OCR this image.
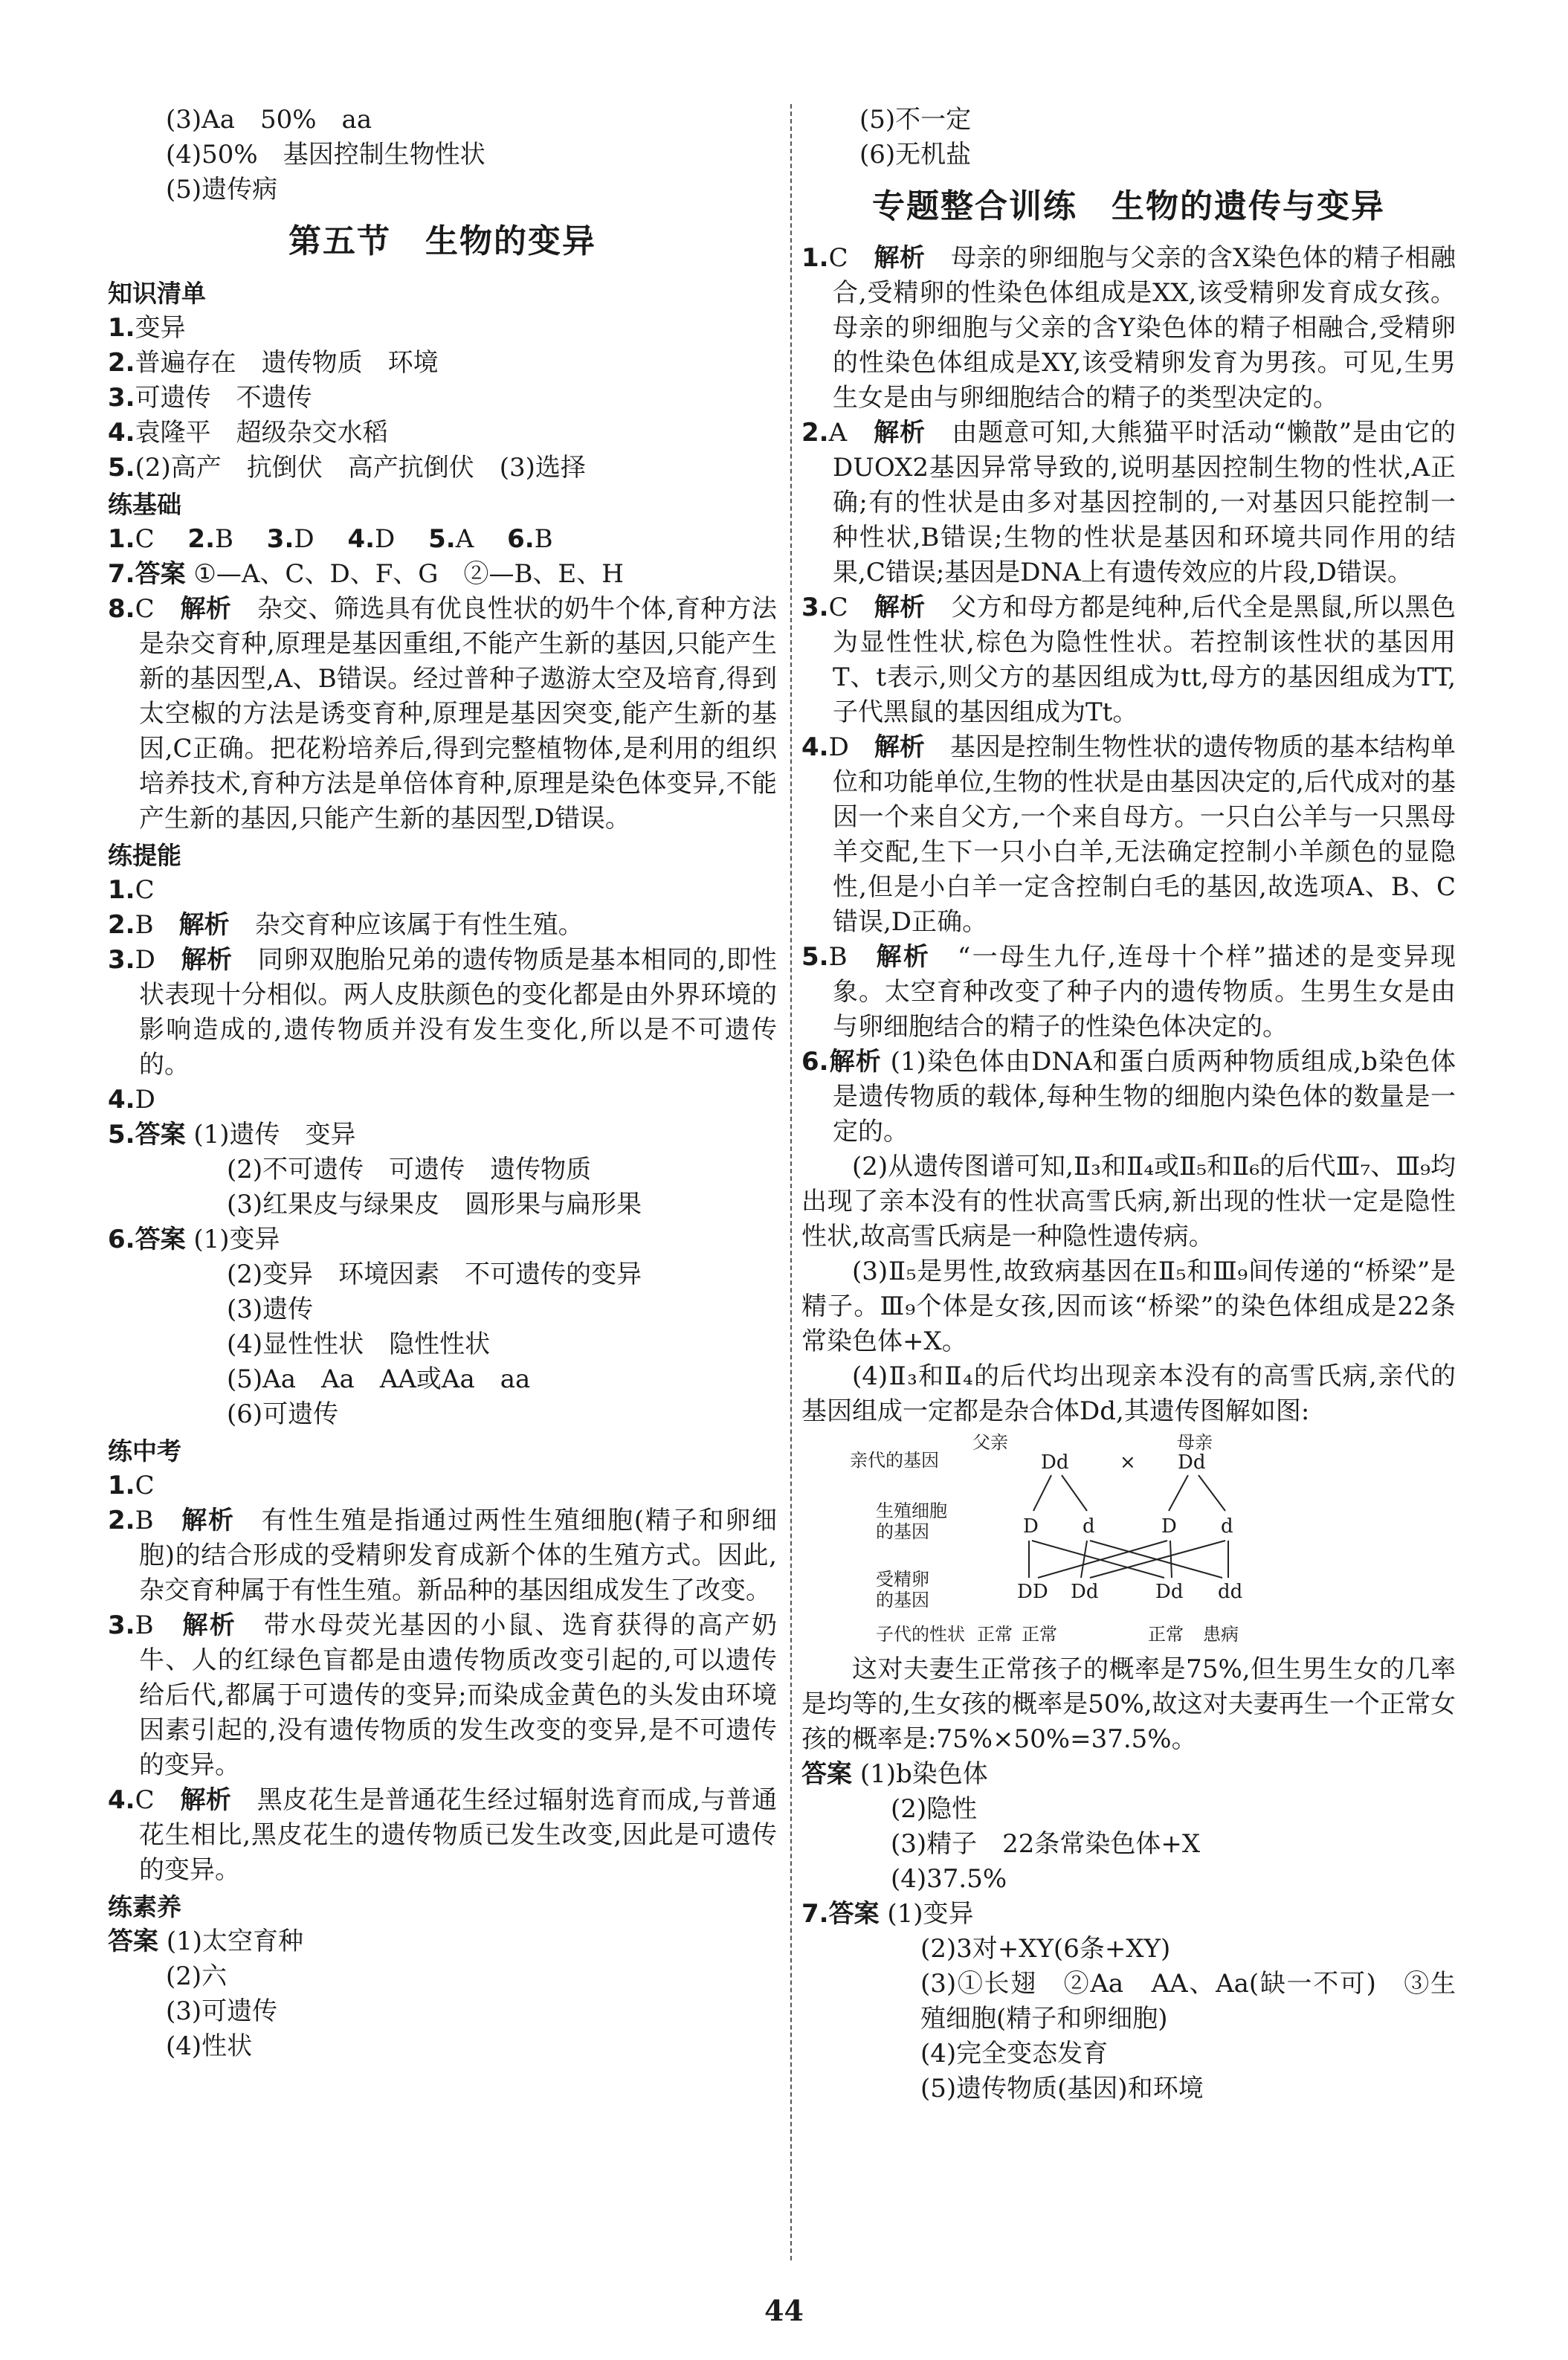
(3)Aa　50%　aa
(4)50%　基因控制生物性状
(5)遗传病
第五节　生物的变异
知识清单
1.变异
2.普遍存在　遗传物质　环境
3.可遗传　不遗传
4.袁隆平　超级杂交水稻
5.(2)高产　抗倒伏　高产抗倒伏　(3)选择
练基础
1.C　 2.B　 3.D　 4.D　 5.A　 6.B
7.答案 ①—A、C、D、F、G　②—B、E、H
8.C　 解析　 杂交、筛选具有优良性状的奶牛个体,育种方法是杂交育种,原理是基因重组,不能产生新的基因,只能产生新的基因型,A、B错误。经过普种子遨游太空及培育,得到太空椒的方法是诱变育种,原理是基因突变,能产生新的基因,C正确。把花粉培养后,得到完整植物体,是利用的组织培养技术,育种方法是单倍体育种,原理是染色体变异,不能产生新的基因,只能产生新的基因型,D错误。
练提能
1.C
2.B　 解析　 杂交育种应该属于有性生殖。
3.D　 解析　 同卵双胞胎兄弟的遗传物质是基本相同的,即性状表现十分相似。两人皮肤颜色的变化都是由外界环境的影响造成的,遗传物质并没有发生变化,所以是不可遗传的。
4.D
5.答案 (1)遗传　变异
(2)不可遗传　可遗传　遗传物质
(3)红果皮与绿果皮　圆形果与扁形果
6.答案 (1)变异
(2)变异　环境因素　不可遗传的变异
(3)遗传
(4)显性性状　隐性性状
(5)Aa　Aa　AA或Aa　aa
(6)可遗传
练中考
1.C
2.B　 解析　 有性生殖是指通过两性生殖细胞(精子和卵细胞)的结合形成的受精卵发育成新个体的生殖方式。因此,杂交育种属于有性生殖。新品种的基因组成发生了改变。
3.B　 解析　 带水母荧光基因的小鼠、选育获得的高产奶牛、人的红绿色盲都是由遗传物质改变引起的,可以遗传给后代,都属于可遗传的变异;而染成金黄色的头发由环境因素引起的,没有遗传物质的发生改变的变异,是不可遗传的变异。
4.C　 解析　 黑皮花生是普通花生经过辐射选育而成,与普通花生相比,黑皮花生的遗传物质已发生改变,因此是可遗传的变异。
练素养
答案 (1)太空育种
(2)六
(3)可遗传
(4)性状
(5)不一定
(6)无机盐
专题整合训练　生物的遗传与变异
1.C　 解析　 母亲的卵细胞与父亲的含X染色体的精子相融合,受精卵的性染色体组成是XX,该受精卵发育成女孩。母亲的卵细胞与父亲的含Y染色体的精子相融合,受精卵的性染色体组成是XY,该受精卵发育为男孩。可见,生男生女是由与卵细胞结合的精子的类型决定的。
2.A　 解析　 由题意可知,大熊猫平时活动“懒散”是由它的DUOX2基因异常导致的,说明基因控制生物的性状,A正确;有的性状是由多对基因控制的,一对基因只能控制一种性状,B错误;生物的性状是基因和环境共同作用的结果,C错误;基因是DNA上有遗传效应的片段,D错误。
3.C　 解析　 父方和母方都是纯种,后代全是黑鼠,所以黑色为显性性状,棕色为隐性性状。若控制该性状的基因用T、t表示,则父方的基因组成为tt,母方的基因组成为TT,子代黑鼠的基因组成为Tt。
4.D　 解析　 基因是控制生物性状的遗传物质的基本结构单位和功能单位,生物的性状是由基因决定的,后代成对的基因一个来自父方,一个来自母方。一只白公羊与一只黑母羊交配,生下一只小白羊,无法确定控制小羊颜色的显隐性,但是小白羊一定含控制白毛的基因,故选项A、B、C错误,D正确。
5.B　 解析　 “一母生九仔,连母十个样”描述的是变异现象。太空育种改变了种子内的遗传物质。生男生女是由与卵细胞结合的精子的性染色体决定的。
6.解析 (1)染色体由DNA和蛋白质两种物质组成,b染色体是遗传物质的载体,每种生物的细胞内染色体的数量是一定的。
(2)从遗传图谱可知,Ⅱ₃和Ⅱ₄或Ⅱ₅和Ⅱ₆的后代Ⅲ₇、Ⅲ₉均出现了亲本没有的性状高雪氏病,新出现的性状一定是隐性性状,故高雪氏病是一种隐性遗传病。
(3)Ⅱ₅是男性,故致病基因在Ⅱ₅和Ⅲ₉间传递的“桥梁”是精子。Ⅲ₉个体是女孩,因而该“桥梁”的染色体组成是22条常染色体+X。
(4)Ⅱ₃和Ⅱ₄的后代均出现亲本没有的高雪氏病,亲代的基因组成一定都是杂合体Dd,其遗传图解如图:
父亲	母亲
亲代的基因	Dd	× Dd
生殖细胞
的基因	D d	D d
受精卵
的基因	DD Dd	Dd dd
子代的性状 正常 正常	正常 患病
这对夫妻生正常孩子的概率是75%,但生男生女的几率是均等的,生女孩的概率是50%,故这对夫妻再生一个正常女孩的概率是:75%×50%=37.5%。
答案 (1)b染色体
(2)隐性
(3)精子　22条常染色体+X
(4)37.5%
7.答案 (1)变异
(2)3对+XY(6条+XY)
(3)①长翅　②Aa　AA、Aa(缺一不可)　③生殖细胞(精子和卵细胞)
(4)完全变态发育
(5)遗传物质(基因)和环境
44
